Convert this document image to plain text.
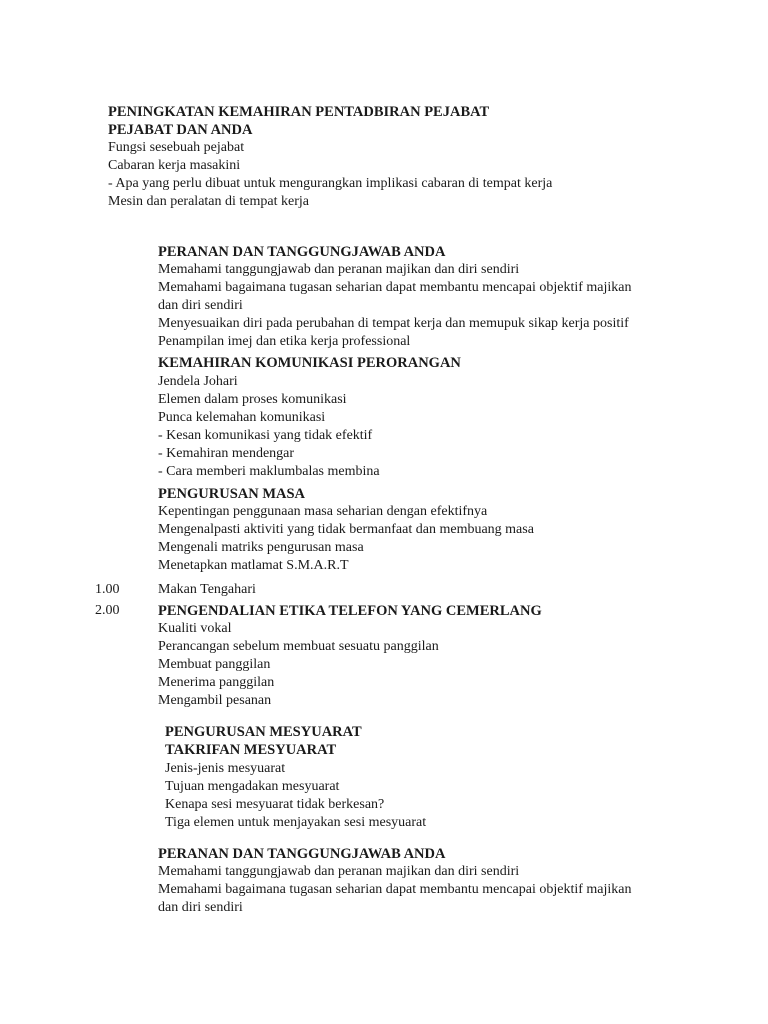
PENINGKATAN KEMAHIRAN PENTADBIRAN PEJABAT
PEJABAT DAN ANDA
Fungsi sesebuah pejabat
Cabaran kerja masakini
- Apa yang perlu dibuat untuk mengurangkan implikasi cabaran di tempat kerja
Mesin dan peralatan di tempat kerja
PERANAN DAN TANGGUNGJAWAB ANDA
Memahami tanggungjawab dan peranan majikan dan diri sendiri
Memahami bagaimana tugasan seharian dapat membantu mencapai objektif majikan
dan diri sendiri
Menyesuaikan diri pada perubahan di tempat kerja dan memupuk sikap kerja positif
Penampilan imej dan etika kerja professional
KEMAHIRAN KOMUNIKASI PERORANGAN
Jendela Johari
Elemen dalam proses komunikasi
Punca kelemahan komunikasi
- Kesan komunikasi yang tidak efektif
- Kemahiran mendengar
- Cara memberi maklumbalas membina
PENGURUSAN MASA
Kepentingan penggunaan masa seharian dengan efektifnya
Mengenalpasti aktiviti yang tidak bermanfaat dan membuang masa
Mengenali matriks pengurusan masa
Menetapkan matlamat S.M.A.R.T
1.00	Makan Tengahari
2.00	PENGENDALIAN ETIKA TELEFON YANG CEMERLANG
Kualiti vokal
Perancangan sebelum membuat sesuatu panggilan
Membuat panggilan
Menerima panggilan
Mengambil pesanan
PENGURUSAN MESYUARAT
TAKRIFAN MESYUARAT
Jenis-jenis mesyuarat
Tujuan mengadakan mesyuarat
Kenapa sesi mesyuarat tidak berkesan?
Tiga elemen untuk menjayakan sesi mesyuarat
PERANAN DAN TANGGUNGJAWAB ANDA
Memahami tanggungjawab dan peranan majikan dan diri sendiri
Memahami bagaimana tugasan seharian dapat membantu mencapai objektif majikan
dan diri sendiri
